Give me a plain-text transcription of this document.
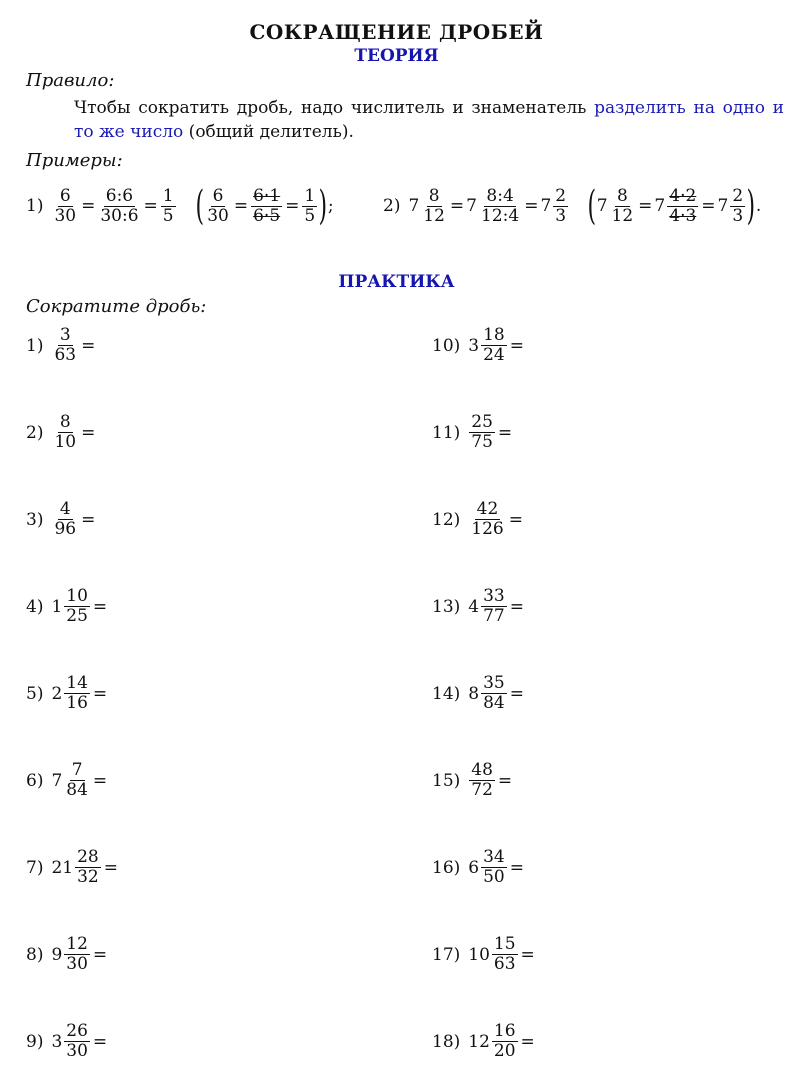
СОКРАЩЕНИЕ ДРОБЕЙ
ТЕОРИЯ
Правило:
Чтобы сократить дробь, надо числитель и знаменатель разделить на одно и то же число (общий делитель).
Примеры:
$1) \frac{6}{30} = \frac{6:6}{30:6} = \frac{1}{5}$ ( $\frac{6}{30} = \frac{6\cdot 1}{6\cdot 5} = \frac{1}{5}$ ) ;	2) $7 \frac{8}{12} = 7 \frac{8:4}{12:4} = 7 \frac{2}{3}$ ( $7 \frac{8}{12} = 7 \frac{4\cdot 2}{4\cdot 3} = 7 \frac{2}{3}$ ) .
ПРАКТИКА
Сократите дробь:
$1) \frac{3}{63}$ =
$2) \frac{8}{10}$ =
$3) \frac{4}{96}$ =
4) $1 \frac{10}{25}$ =
5) $2 \frac{14}{16}$ =
6) $7 \frac{7}{84}$ =
7) $21 \frac{28}{32}$ =
8) $9 \frac{12}{30}$ =
9) $3 \frac{26}{30}$ =
10) $3 \frac{18}{24}$ =
$11) \frac{25}{75}$ =
$12) \frac{42}{126}$ =
13) $4 \frac{33}{77}$ =
14) $8 \frac{35}{84}$ =
$15) \frac{48}{72}$ =
16) $6 \frac{34}{50}$ =
17) $10 \frac{15}{63}$ =
18) $12 \frac{16}{20}$ =
